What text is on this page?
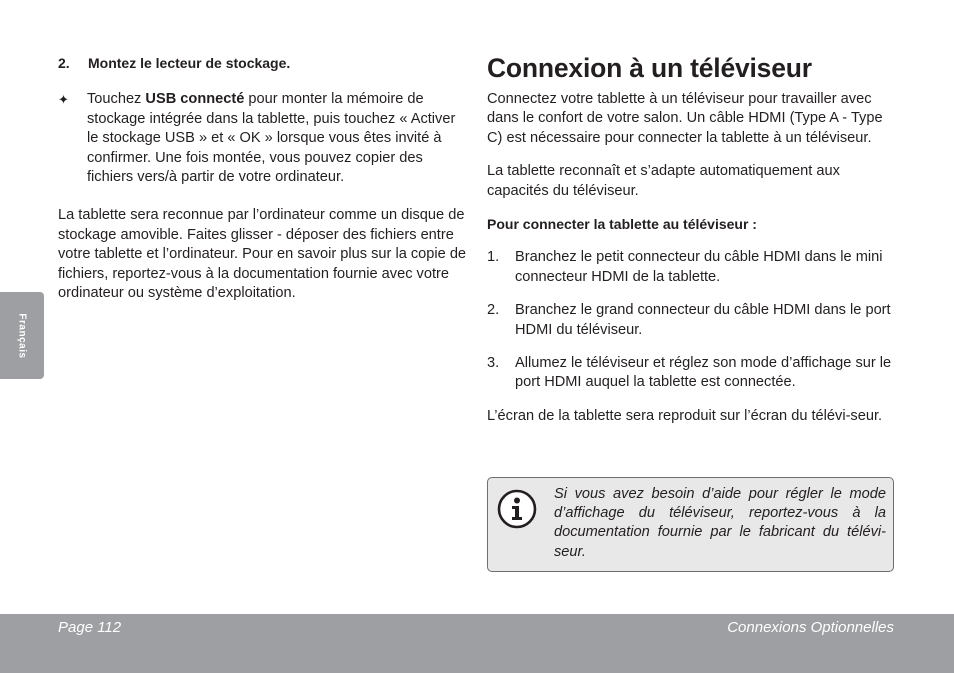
2.	Montez le lecteur de stockage.
✦	Touchez USB connecté pour monter la mémoire de stockage intégrée dans la tablette, puis touchez « Activer le stockage USB » et « OK » lorsque vous êtes invité à confirmer. Une fois montée, vous pouvez copier des fichiers vers/à partir de votre ordinateur.

La tablette sera reconnue par l’ordinateur comme un disque de stockage amovible. Faites glisser - déposer des fichiers entre votre tablette et l’ordinateur. Pour en savoir plus sur la copie de fichiers, reportez-vous à la documentation fournie avec votre ordinateur ou système d’exploitation.

Connexion à un téléviseur

Connectez votre tablette à un téléviseur pour travailler avec dans le confort de votre salon. Un câble HDMI (Type A - Type C) est nécessaire pour connecter la tablette à un téléviseur.

La tablette reconnaît et s’adapte automatiquement aux capacités du téléviseur.

Pour connecter la tablette au téléviseur :

1.	Branchez le petit connecteur du câble HDMI dans le mini connecteur HDMI de la tablette.
2.	Branchez le grand connecteur du câble HDMI dans le port HDMI du téléviseur.
3.	Allumez le téléviseur et réglez son mode d’affichage sur le port HDMI auquel la tablette est connectée.

L’écran de la tablette sera reproduit sur l’écran du télévi-seur.

Si vous avez besoin d’aide pour régler le mode d’affichage du téléviseur, reportez-vous à la documentation fournie par le fabricant du télévi-seur.

Français
Page 112	Connexions Optionnelles
